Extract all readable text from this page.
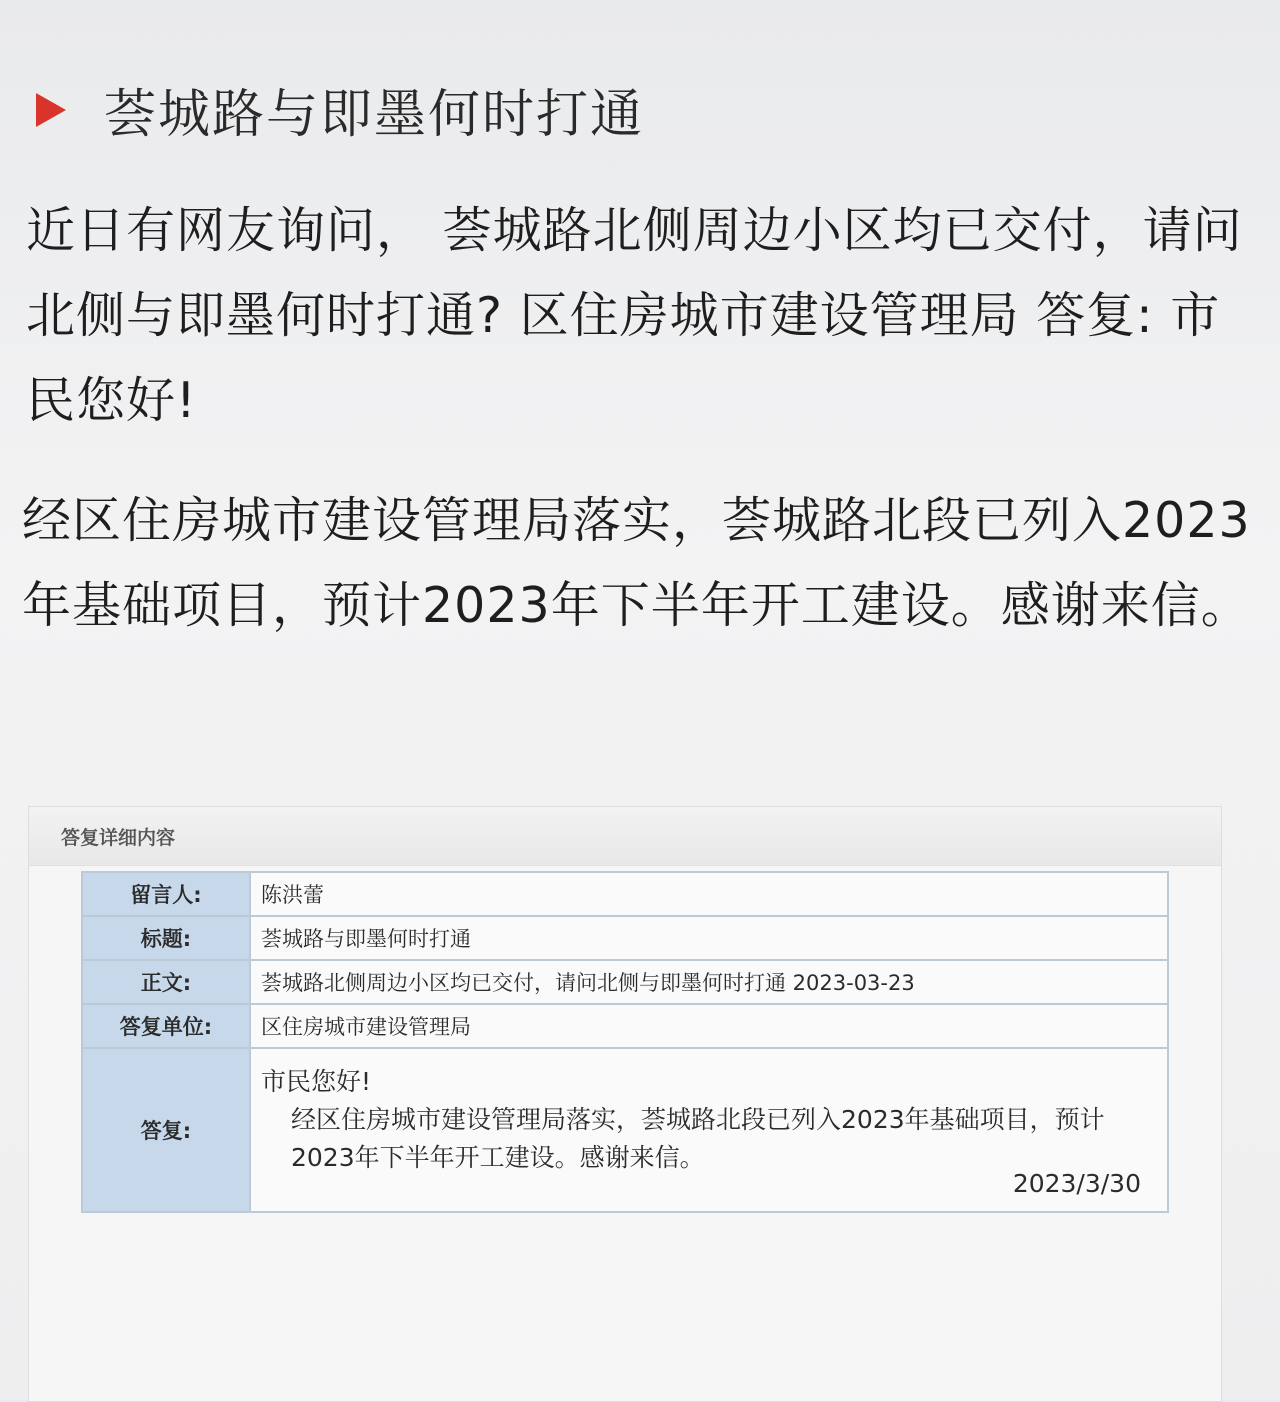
荟城路与即墨何时打通
近日有网友询问， 荟城路北侧周边小区均已交付，请问北侧与即墨何时打通? 区住房城市建设管理局 答复: 市民您好!
经区住房城市建设管理局落实，荟城路北段已列入2023年基础项目，预计2023年下半年开工建设。感谢来信。
答复详细内容
留言人:	陈洪蕾
标题:	荟城路与即墨何时打通
正文:	荟城路北侧周边小区均已交付，请问北侧与即墨何时打通 2023-03-23
答复单位:	区住房城市建设管理局
答复:	市民您好!
经区住房城市建设管理局落实，荟城路北段已列入2023年基础项目，预计2023年下半年开工建设。感谢来信。
2023/3/30
